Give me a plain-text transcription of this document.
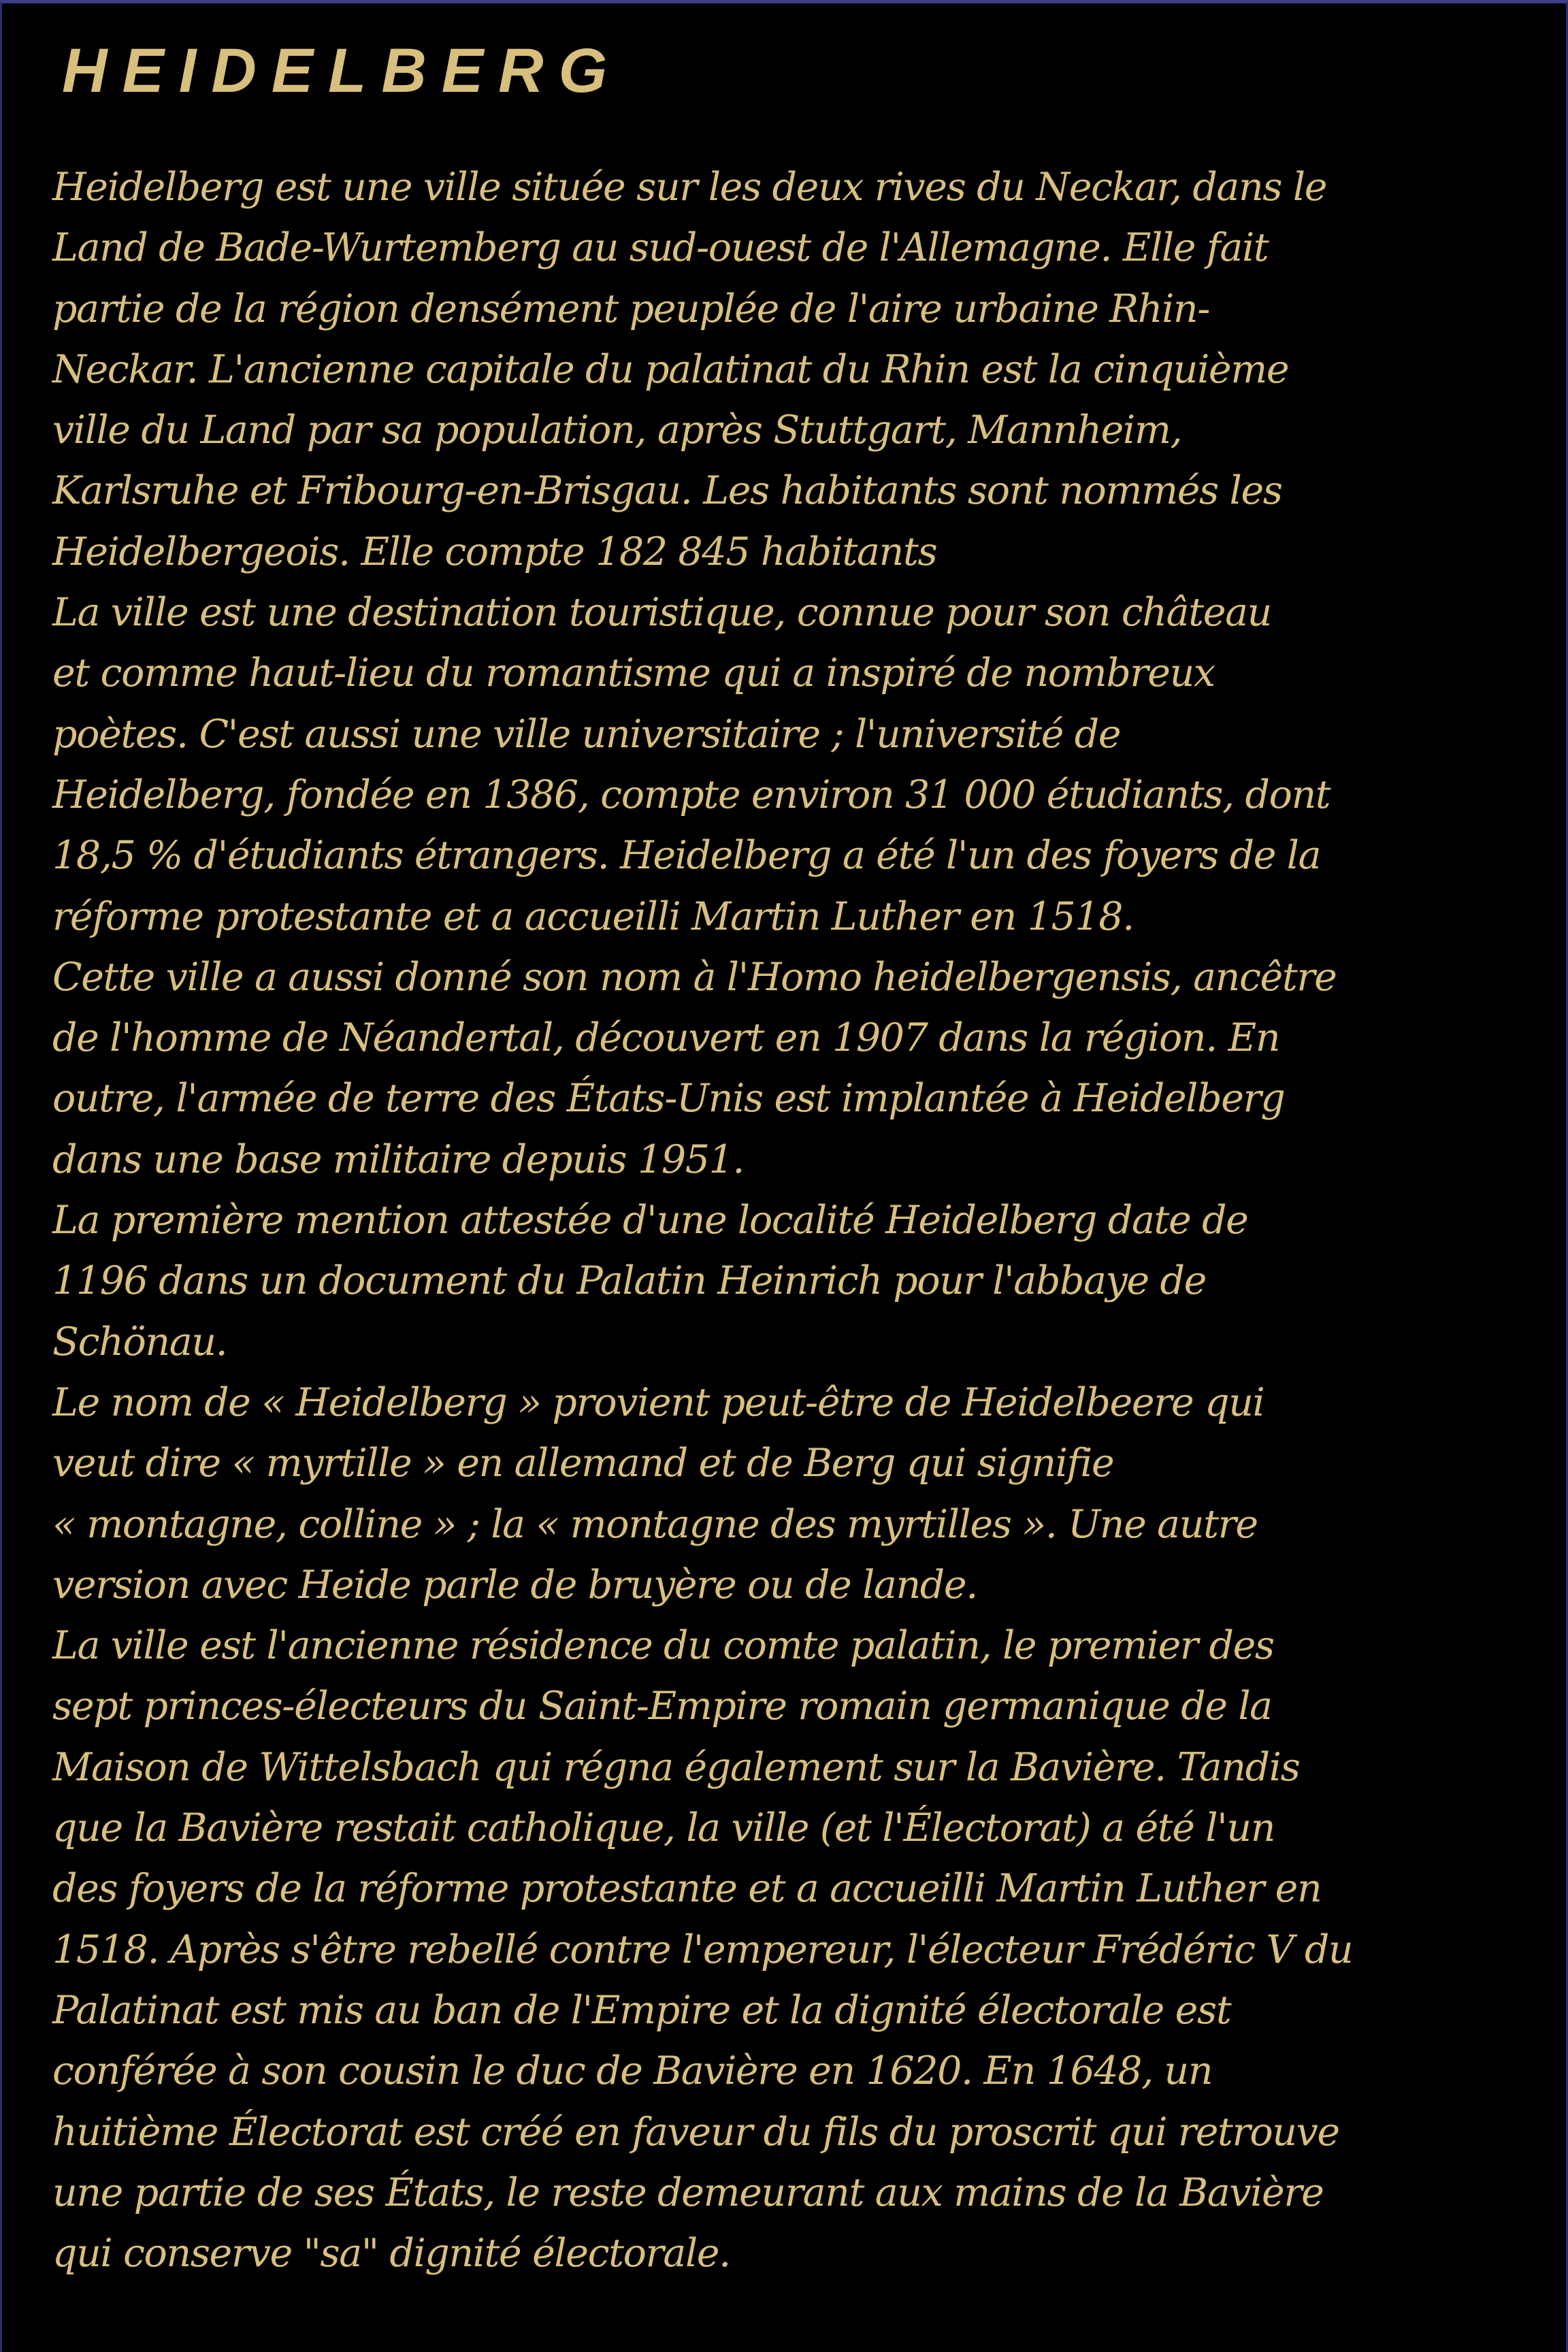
HEIDELBERG
Heidelberg est une ville située sur les deux rives du Neckar, dans le
Land de Bade-Wurtemberg au sud-ouest de l'Allemagne. Elle fait
partie de la région densément peuplée de l'aire urbaine Rhin-
Neckar. L'ancienne capitale du palatinat du Rhin est la cinquième
ville du Land par sa population, après Stuttgart, Mannheim,
Karlsruhe et Fribourg-en-Brisgau. Les habitants sont nommés les
Heidelbergeois. Elle compte 182 845 habitants
La ville est une destination touristique, connue pour son château
et comme haut-lieu du romantisme qui a inspiré de nombreux
poètes. C'est aussi une ville universitaire ; l'université de
Heidelberg, fondée en 1386, compte environ 31 000 étudiants, dont
18,5 % d'étudiants étrangers. Heidelberg a été l'un des foyers de la
réforme protestante et a accueilli Martin Luther en 1518.
Cette ville a aussi donné son nom à l'Homo heidelbergensis, ancêtre
de l'homme de Néandertal, découvert en 1907 dans la région. En
outre, l'armée de terre des États-Unis est implantée à Heidelberg
dans une base militaire depuis 1951.
La première mention attestée d'une localité Heidelberg date de
1196 dans un document du Palatin Heinrich pour l'abbaye de
Schönau.
Le nom de « Heidelberg » provient peut-être de Heidelbeere qui
veut dire « myrtille » en allemand et de Berg qui signifie
« montagne, colline » ; la « montagne des myrtilles ». Une autre
version avec Heide parle de bruyère ou de lande.
La ville est l'ancienne résidence du comte palatin, le premier des
sept princes-électeurs du Saint-Empire romain germanique de la
Maison de Wittelsbach qui régna également sur la Bavière. Tandis
que la Bavière restait catholique, la ville (et l'Électorat) a été l'un
des foyers de la réforme protestante et a accueilli Martin Luther en
1518. Après s'être rebellé contre l'empereur, l'électeur Frédéric V du
Palatinat est mis au ban de l'Empire et la dignité électorale est
conférée à son cousin le duc de Bavière en 1620. En 1648, un
huitième Électorat est créé en faveur du fils du proscrit qui retrouve
une partie de ses États, le reste demeurant aux mains de la Bavière
qui conserve "sa" dignité électorale.
